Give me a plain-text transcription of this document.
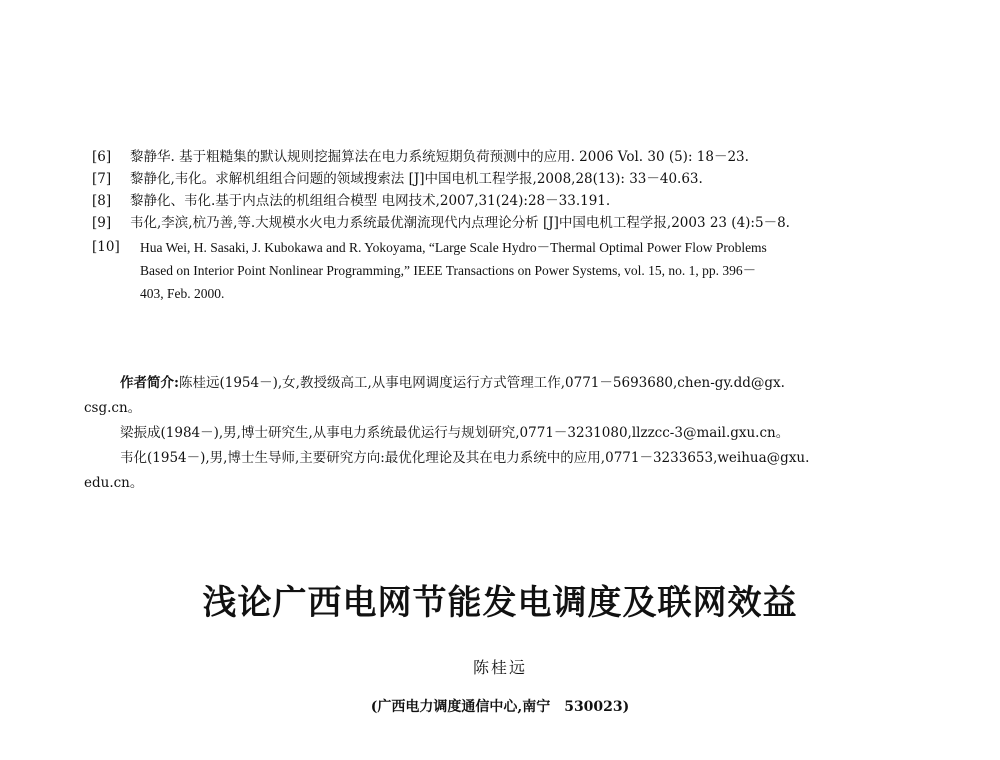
[6]	黎静华. 基于粗糙集的默认规则挖掘算法在电力系统短期负荷预测中的应用. 2006 Vol. 30 (5): 18－23.
[7]	黎静化,韦化。求解机组组合问题的领域搜索法 [J]中国电机工程学报,2008,28(13): 33－40.63.
[8]	黎静化、韦化.基于内点法的机组组合模型 电网技术,2007,31(24):28－33.191.
[9]	韦化,李滨,杭乃善,等.大规模水火电力系统最优潮流现代内点理论分析 [J]中国电机工程学报,2003 23 (4):5－8.
[10]	Hua Wei, H. Sasaki, J. Kubokawa and R. Yokoyama, “Large Scale Hydro－Thermal Optimal Power Flow Problems
Based on Interior Point Nonlinear Programming,” IEEE Transactions on Power Systems, vol. 15, no. 1, pp. 396－
403, Feb. 2000.

作者简介:陈桂远(1954－),女,教授级高工,从事电网调度运行方式管理工作,0771－5693680,chen-gy.dd@gx.

csg.cn。

梁振成(1984－),男,博士研究生,从事电力系统最优运行与规划研究,0771－3231080,llzzcc-3@mail.gxu.cn。

韦化(1954－),男,博士生导师,主要研究方向:最优化理论及其在电力系统中的应用,0771－3233653,weihua@gxu.

edu.cn。

浅论广西电网节能发电调度及联网效益
陈桂远
(广西电力调度通信中心,南宁　530023)
